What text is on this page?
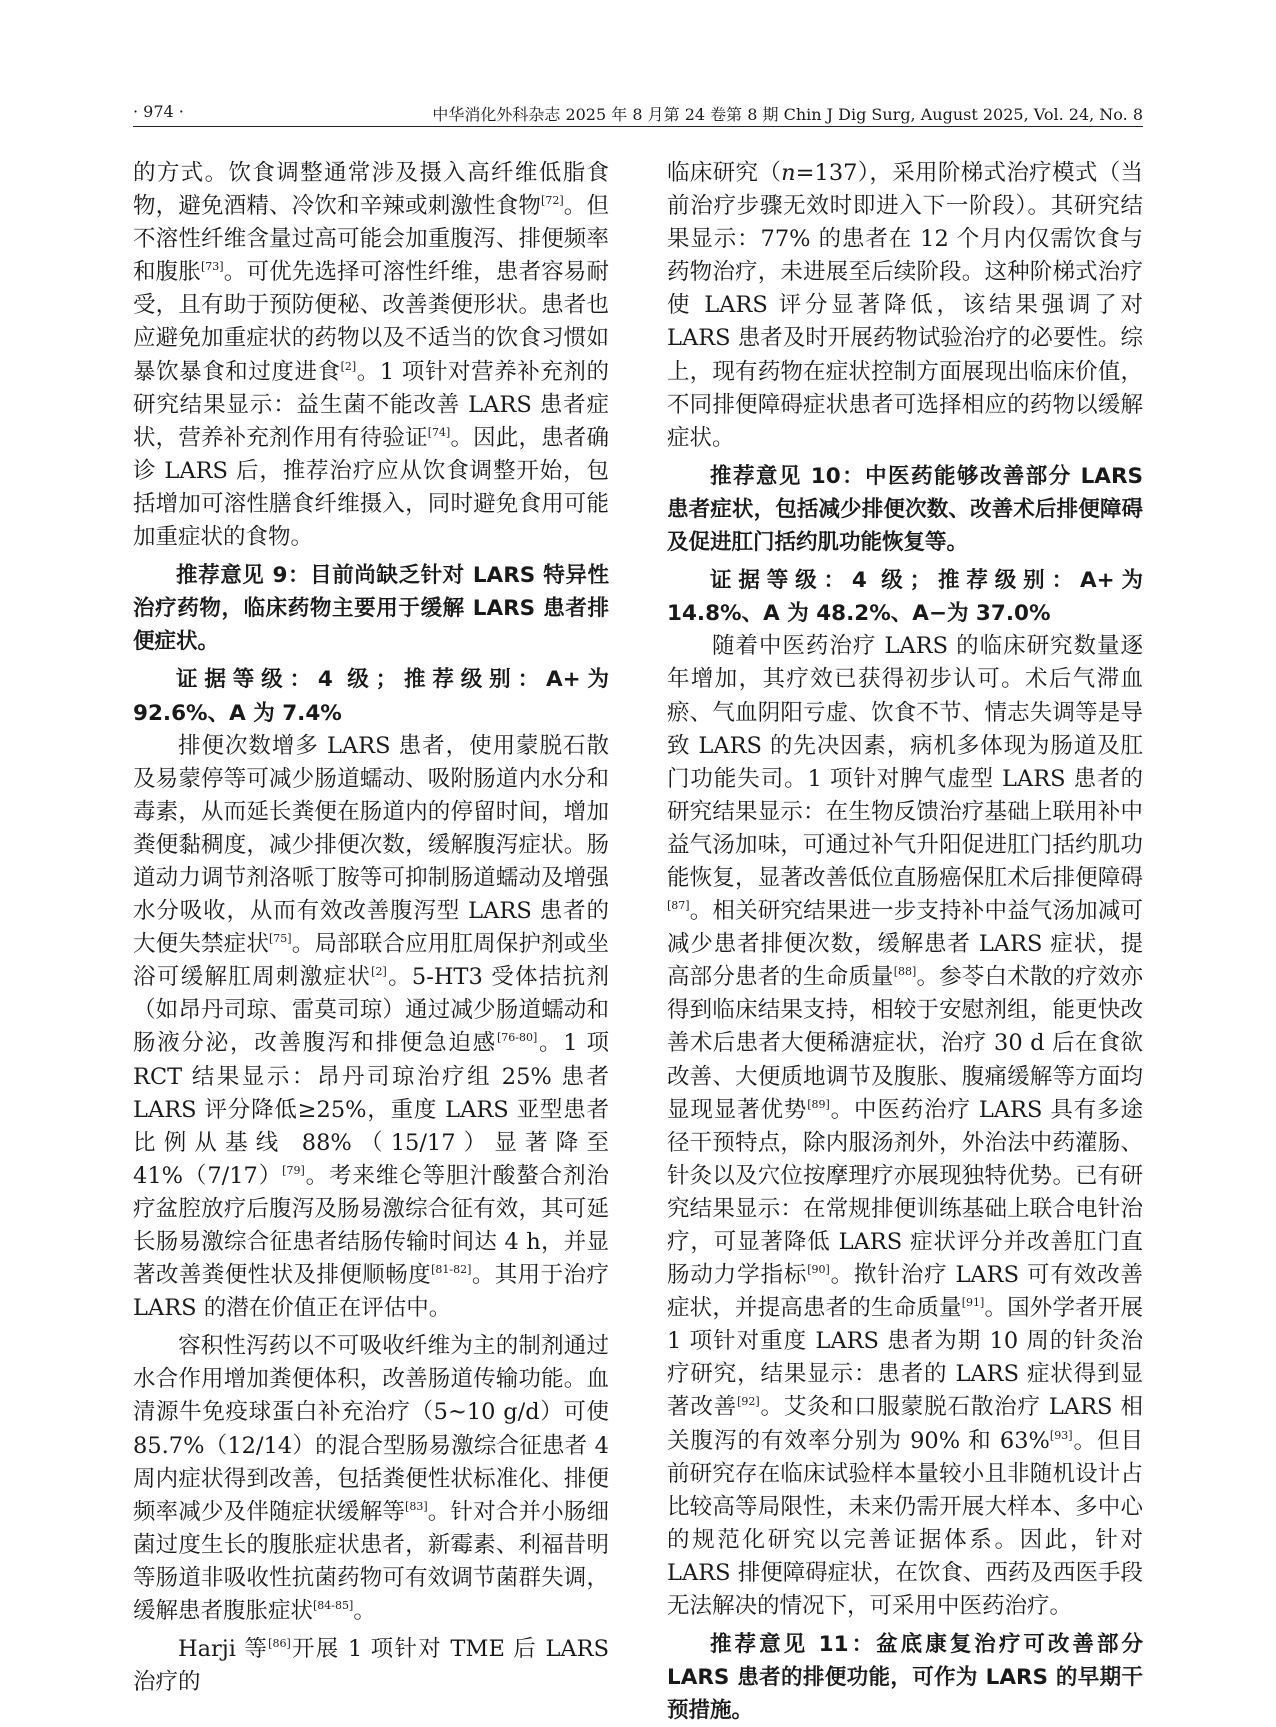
· 974 ·	中华消化外科杂志 2025 年 8 月第 24 卷第 8 期 Chin J Dig Surg, August 2025, Vol. 24, No. 8

的方式。饮食调整通常涉及摄入高纤维低脂食物，避免酒精、冷饮和辛辣或刺激性食物[72]。但不溶性纤维含量过高可能会加重腹泻、排便频率和腹胀[73]。可优先选择可溶性纤维，患者容易耐受，且有助于预防便秘、改善粪便形状。患者也应避免加重症状的药物以及不适当的饮食习惯如暴饮暴食和过度进食[2]。1 项针对营养补充剂的研究结果显示：益生菌不能改善 LARS 患者症状，营养补充剂作用有待验证[74]。因此，患者确诊 LARS 后，推荐治疗应从饮食调整开始，包括增加可溶性膳食纤维摄入，同时避免食用可能加重症状的食物。

推荐意见 9：目前尚缺乏针对 LARS 特异性治疗药物，临床药物主要用于缓解 LARS 患者排便症状。

证据等级：4 级；推荐级别：A+为 92.6%、A 为 7.4%

排便次数增多 LARS 患者，使用蒙脱石散及易蒙停等可减少肠道蠕动、吸附肠道内水分和毒素，从而延长粪便在肠道内的停留时间，增加粪便黏稠度，减少排便次数，缓解腹泻症状。肠道动力调节剂洛哌丁胺等可抑制肠道蠕动及增强水分吸收，从而有效改善腹泻型 LARS 患者的大便失禁症状[75]。局部联合应用肛周保护剂或坐浴可缓解肛周刺激症状[2]。5-HT3 受体拮抗剂（如昂丹司琼、雷莫司琼）通过减少肠道蠕动和肠液分泌，改善腹泻和排便急迫感[76-80]。1 项 RCT 结果显示：昂丹司琼治疗组 25% 患者 LARS 评分降低≥25%，重度 LARS 亚型患者比例从基线 88%（15/17）显著降至 41%（7/17）[79]。考来维仑等胆汁酸螯合剂治疗盆腔放疗后腹泻及肠易激综合征有效，其可延长肠易激综合征患者结肠传输时间达 4 h，并显著改善粪便性状及排便顺畅度[81-82]。其用于治疗 LARS 的潜在价值正在评估中。

容积性泻药以不可吸收纤维为主的制剂通过水合作用增加粪便体积，改善肠道传输功能。血清源牛免疫球蛋白补充治疗（5~10 g/d）可使 85.7%（12/14）的混合型肠易激综合征患者 4 周内症状得到改善，包括粪便性状标准化、排便频率减少及伴随症状缓解等[83]。针对合并小肠细菌过度生长的腹胀症状患者，新霉素、利福昔明等肠道非吸收性抗菌药物可有效调节菌群失调，缓解患者腹胀症状[84-85]。

Harji 等[86]开展 1 项针对 TME 后 LARS 治疗的

临床研究（n=137），采用阶梯式治疗模式（当前治疗步骤无效时即进入下一阶段）。其研究结果显示：77% 的患者在 12 个月内仅需饮食与药物治疗，未进展至后续阶段。这种阶梯式治疗使 LARS 评分显著降低，该结果强调了对 LARS 患者及时开展药物试验治疗的必要性。综上，现有药物在症状控制方面展现出临床价值，不同排便障碍症状患者可选择相应的药物以缓解症状。

推荐意见 10：中医药能够改善部分 LARS 患者症状，包括减少排便次数、改善术后排便障碍及促进肛门括约肌功能恢复等。

证据等级：4 级；推荐级别：A+为 14.8%、A 为 48.2%、A−为 37.0%

随着中医药治疗 LARS 的临床研究数量逐年增加，其疗效已获得初步认可。术后气滞血瘀、气血阴阳亏虚、饮食不节、情志失调等是导致 LARS 的先决因素，病机多体现为肠道及肛门功能失司。1 项针对脾气虚型 LARS 患者的研究结果显示：在生物反馈治疗基础上联用补中益气汤加味，可通过补气升阳促进肛门括约肌功能恢复，显著改善低位直肠癌保肛术后排便障碍[87]。相关研究结果进一步支持补中益气汤加减可减少患者排便次数，缓解患者 LARS 症状，提高部分患者的生命质量[88]。参苓白术散的疗效亦得到临床结果支持，相较于安慰剂组，能更快改善术后患者大便稀溏症状，治疗 30 d 后在食欲改善、大便质地调节及腹胀、腹痛缓解等方面均显现显著优势[89]。中医药治疗 LARS 具有多途径干预特点，除内服汤剂外，外治法中药灌肠、针灸以及穴位按摩理疗亦展现独特优势。已有研究结果显示：在常规排便训练基础上联合电针治疗，可显著降低 LARS 症状评分并改善肛门直肠动力学指标[90]。揿针治疗 LARS 可有效改善症状，并提高患者的生命质量[91]。国外学者开展 1 项针对重度 LARS 患者为期 10 周的针灸治疗研究，结果显示：患者的 LARS 症状得到显著改善[92]。艾灸和口服蒙脱石散治疗 LARS 相关腹泻的有效率分别为 90% 和 63%[93]。但目前研究存在临床试验样本量较小且非随机设计占比较高等局限性，未来仍需开展大样本、多中心的规范化研究以完善证据体系。因此，针对 LARS 排便障碍症状，在饮食、西药及西医手段无法解决的情况下，可采用中医药治疗。

推荐意见 11：盆底康复治疗可改善部分 LARS 患者的排便功能，可作为 LARS 的早期干预措施。
